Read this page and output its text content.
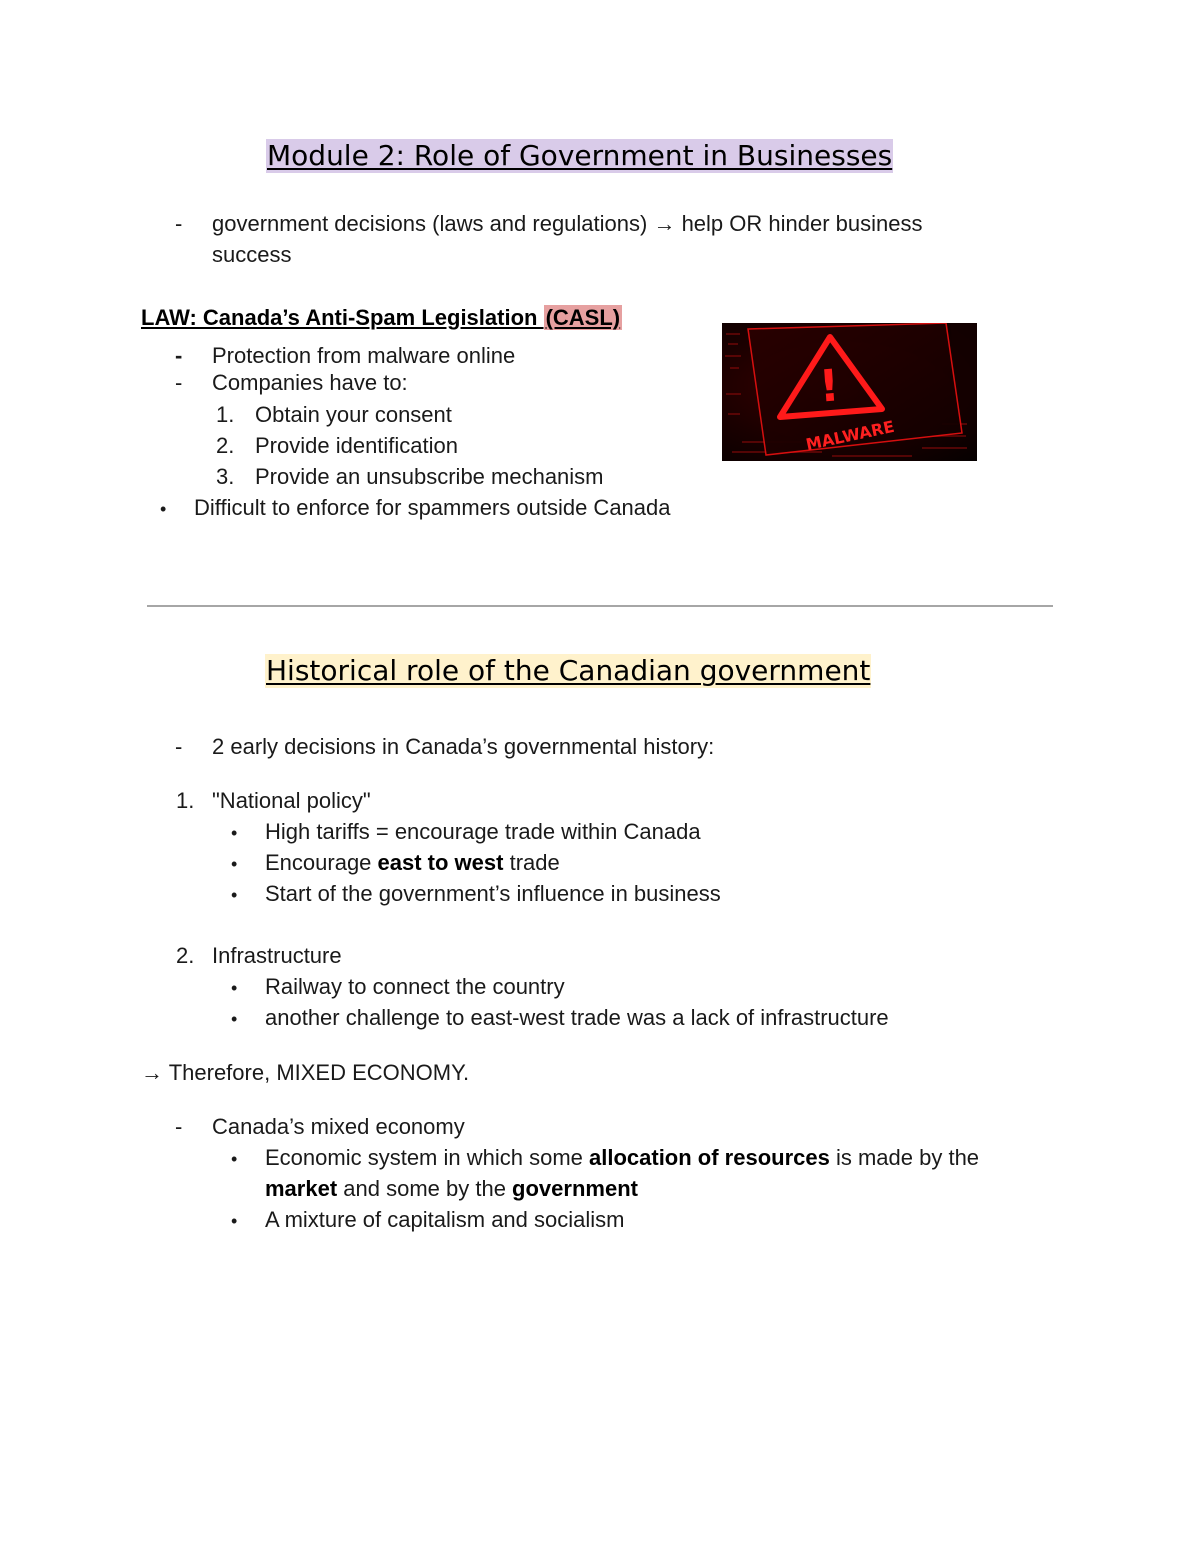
Module 2: Role of Government in Businesses
- government decisions (laws and regulations) → help OR hinder business
success
LAW: Canada’s Anti-Spam Legislation (CASL)
- Protection from malware online
- Companies have to:
1. Obtain your consent
2. Provide identification
3. Provide an unsubscribe mechanism
• Difficult to enforce for spammers outside Canada
!
MALWARE
Historical role of the Canadian government
- 2 early decisions in Canada’s governmental history:
1. "National policy"
• High tariffs = encourage trade within Canada
• Encourage east to west trade
• Start of the government’s influence in business
2. Infrastructure
• Railway to connect the country
• another challenge to east-west trade was a lack of infrastructure
→ Therefore, MIXED ECONOMY.
- Canada’s mixed economy
• Economic system in which some allocation of resources is made by the
market and some by the government
• A mixture of capitalism and socialism
